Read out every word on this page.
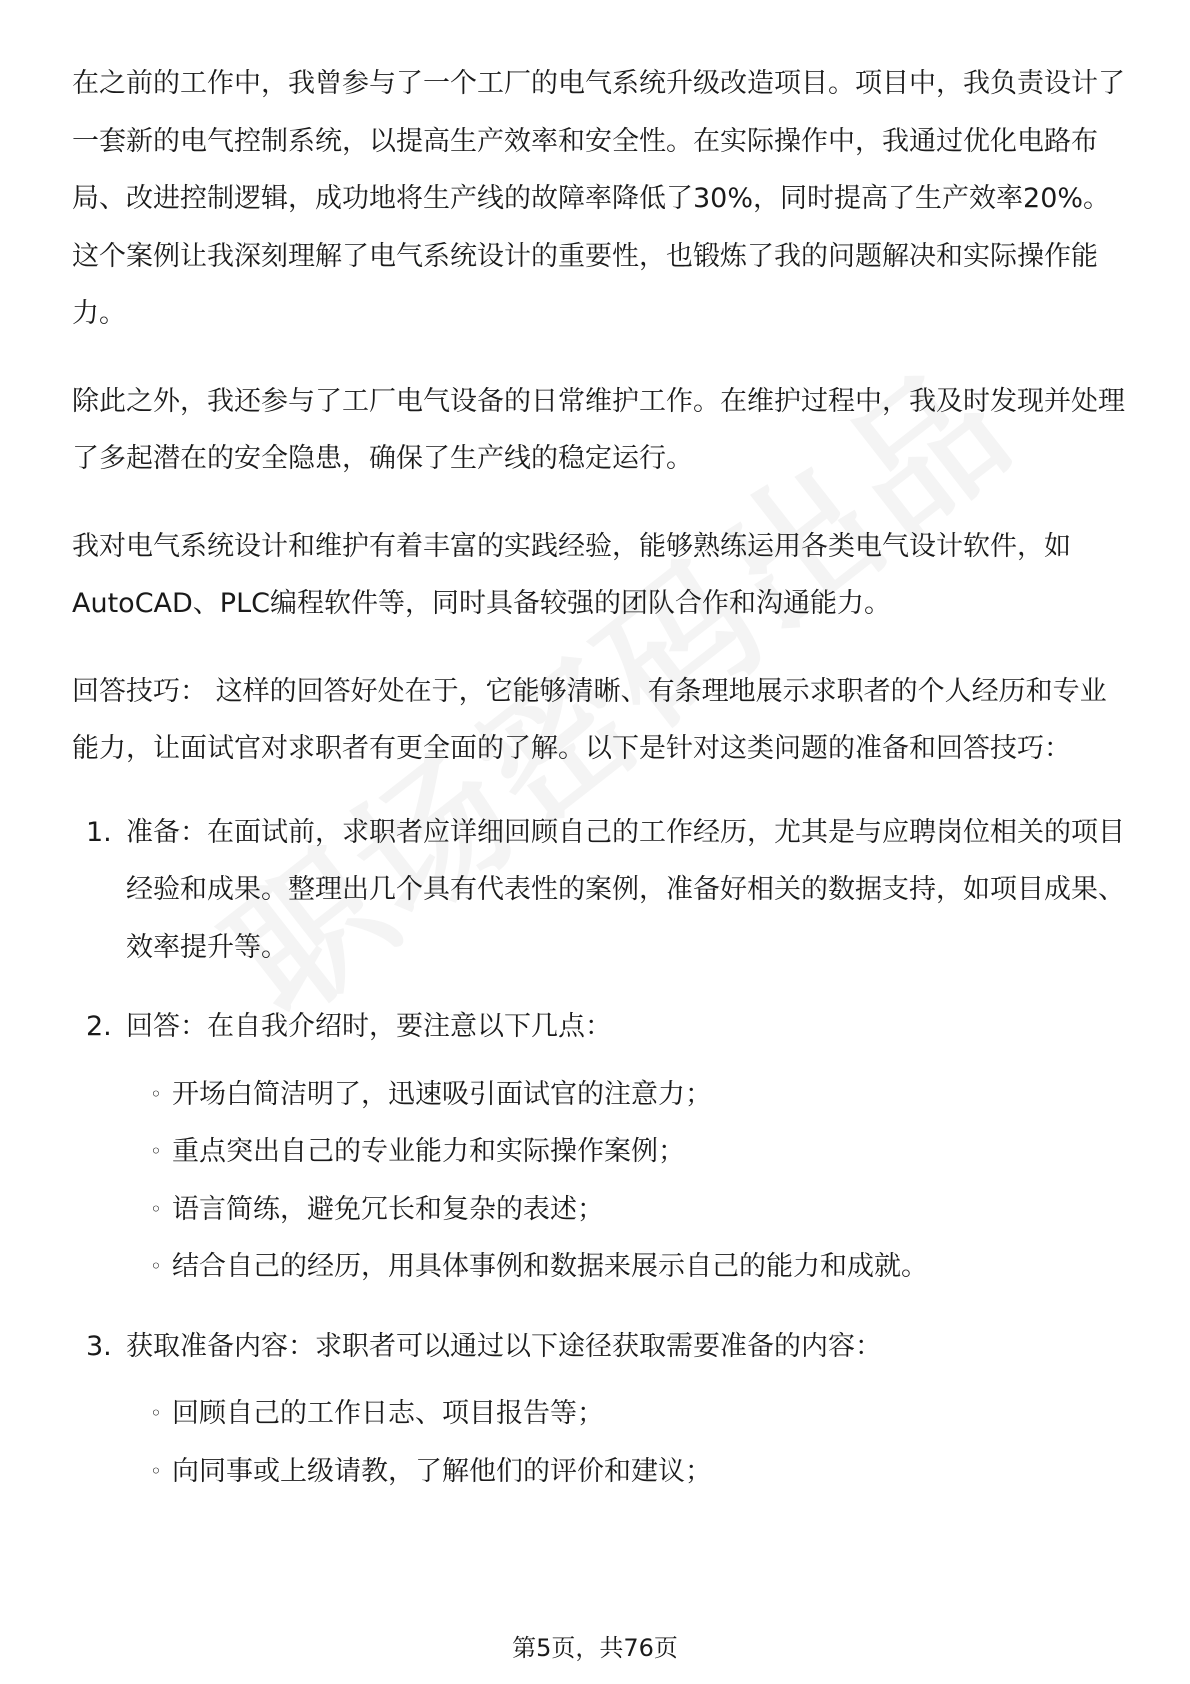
在之前的工作中，我曾参与了一个工厂的电气系统升级改造项目。项目中，我负责设计了一套新的电气控制系统，以提高生产效率和安全性。在实际操作中，我通过优化电路布局、改进控制逻辑，成功地将生产线的故障率降低了30%，同时提高了生产效率20%。这个案例让我深刻理解了电气系统设计的重要性，也锻炼了我的问题解决和实际操作能力。

除此之外，我还参与了工厂电气设备的日常维护工作。在维护过程中，我及时发现并处理了多起潜在的安全隐患，确保了生产线的稳定运行。

我对电气系统设计和维护有着丰富的实践经验，能够熟练运用各类电气设计软件，如AutoCAD、PLC编程软件等，同时具备较强的团队合作和沟通能力。

回答技巧： 这样的回答好处在于，它能够清晰、有条理地展示求职者的个人经历和专业能力，让面试官对求职者有更全面的了解。以下是针对这类问题的准备和回答技巧：

1. 准备：在面试前，求职者应详细回顾自己的工作经历，尤其是与应聘岗位相关的项目经验和成果。整理出几个具有代表性的案例，准备好相关的数据支持，如项目成果、效率提升等。
2. 回答：在自我介绍时，要注意以下几点：
◦ 开场白简洁明了，迅速吸引面试官的注意力；
◦ 重点突出自己的专业能力和实际操作案例；
◦ 语言简练，避免冗长和复杂的表述；
◦ 结合自己的经历，用具体事例和数据来展示自己的能力和成就。
3. 获取准备内容：求职者可以通过以下途径获取需要准备的内容：
◦ 回顾自己的工作日志、项目报告等；
◦ 向同事或上级请教，了解他们的评价和建议；
第5页，共76页
